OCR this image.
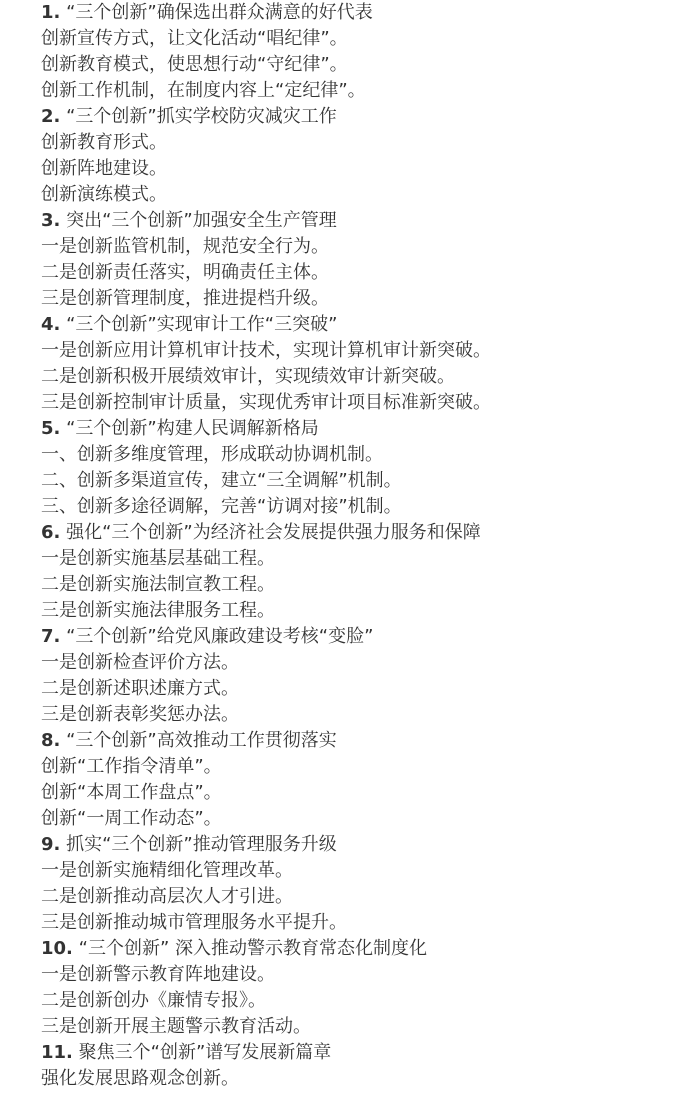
1. “三个创新”确保选出群众满意的好代表
创新宣传方式，让文化活动“唱纪律”。
创新教育模式，使思想行动“守纪律”。
创新工作机制，在制度内容上“定纪律”。
2. “三个创新”抓实学校防灾减灾工作
创新教育形式。
创新阵地建设。
创新演练模式。
3. 突出“三个创新”加强安全生产管理
一是创新监管机制，规范安全行为。
二是创新责任落实，明确责任主体。
三是创新管理制度，推进提档升级。
4. “三个创新”实现审计工作“三突破”
一是创新应用计算机审计技术，实现计算机审计新突破。
二是创新积极开展绩效审计，实现绩效审计新突破。
三是创新控制审计质量，实现优秀审计项目标准新突破。
5. “三个创新”构建人民调解新格局
一、创新多维度管理，形成联动协调机制。
二、创新多渠道宣传，建立“三全调解”机制。
三、创新多途径调解，完善“访调对接”机制。
6. 强化“三个创新”为经济社会发展提供强力服务和保障
一是创新实施基层基础工程。
二是创新实施法制宣教工程。
三是创新实施法律服务工程。
7. “三个创新”给党风廉政建设考核“变脸”
一是创新检查评价方法。
二是创新述职述廉方式。
三是创新表彰奖惩办法。
8. “三个创新”高效推动工作贯彻落实
创新“工作指令清单”。
创新“本周工作盘点”。
创新“一周工作动态”。
9. 抓实“三个创新”推动管理服务升级
一是创新实施精细化管理改革。
二是创新推动高层次人才引进。
三是创新推动城市管理服务水平提升。
10. “三个创新” 深入推动警示教育常态化制度化
一是创新警示教育阵地建设。
二是创新创办《廉情专报》。
三是创新开展主题警示教育活动。
11. 聚焦三个“创新”谱写发展新篇章
强化发展思路观念创新。
